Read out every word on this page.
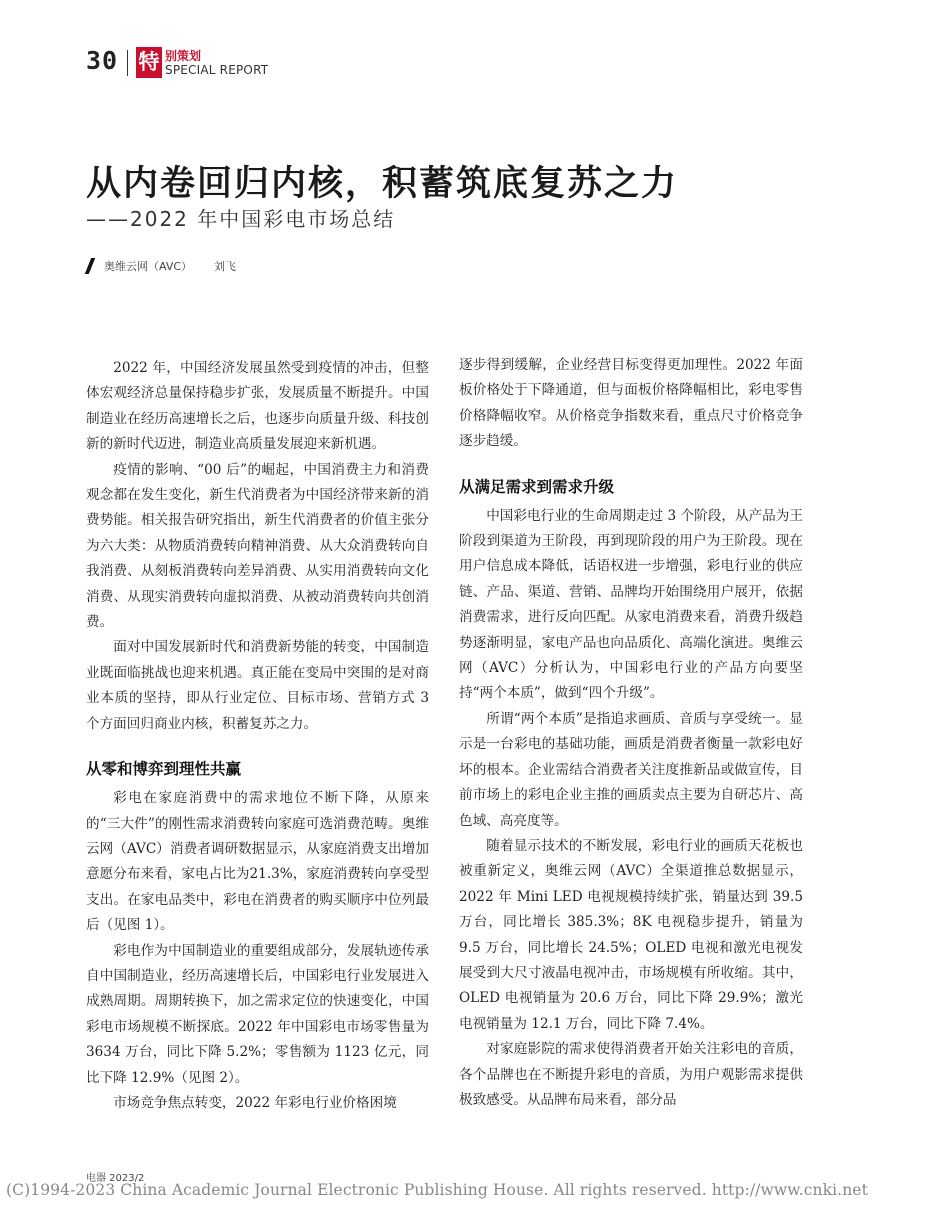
30 特 别策划
SPECIAL REPORT
从内卷回归内核，积蓄筑底复苏之力
——2022 年中国彩电市场总结
奥维云网（AVC） 刘飞

2022 年，中国经济发展虽然受到疫情的冲击，但整体宏观经济总量保持稳步扩张，发展质量不断提升。中国制造业在经历高速增长之后，也逐步向质量升级、科技创新的新时代迈进，制造业高质量发展迎来新机遇。

疫情的影响、“00 后”的崛起，中国消费主力和消费观念都在发生变化，新生代消费者为中国经济带来新的消费势能。相关报告研究指出，新生代消费者的价值主张分为六大类：从物质消费转向精神消费、从大众消费转向自我消费、从刻板消费转向差异消费、从实用消费转向文化消费、从现实消费转向虚拟消费、从被动消费转向共创消费。

面对中国发展新时代和消费新势能的转变，中国制造业既面临挑战也迎来机遇。真正能在变局中突围的是对商业本质的坚持，即从行业定位、目标市场、营销方式 3 个方面回归商业内核，积蓄复苏之力。

从零和博弈到理性共赢

彩电在家庭消费中的需求地位不断下降，从原来的“三大件”的刚性需求消费转向家庭可选消费范畴。奥维云网（AVC）消费者调研数据显示，从家庭消费支出增加意愿分布来看，家电占比为21.3%，家庭消费转向享受型支出。在家电品类中，彩电在消费者的购买顺序中位列最后（见图 1）。

彩电作为中国制造业的重要组成部分，发展轨迹传承自中国制造业，经历高速增长后，中国彩电行业发展进入成熟周期。周期转换下，加之需求定位的快速变化，中国彩电市场规模不断探底。2022 年中国彩电市场零售量为 3634 万台，同比下降 5.2%；零售额为 1123 亿元，同比下降 12.9%（见图 2）。

市场竞争焦点转变，2022 年彩电行业价格困境

逐步得到缓解，企业经营目标变得更加理性。2022 年面板价格处于下降通道，但与面板价格降幅相比，彩电零售价格降幅收窄。从价格竞争指数来看，重点尺寸价格竞争逐步趋缓。

从满足需求到需求升级

中国彩电行业的生命周期走过 3 个阶段，从产品为王阶段到渠道为王阶段，再到现阶段的用户为王阶段。现在用户信息成本降低，话语权进一步增强，彩电行业的供应链、产品、渠道、营销、品牌均开始围绕用户展开，依据消费需求，进行反向匹配。从家电消费来看，消费升级趋势逐渐明显，家电产品也向品质化、高端化演进。奥维云网（AVC）分析认为，中国彩电行业的产品方向要坚持“两个本质”，做到“四个升级”。

所谓“两个本质”是指追求画质、音质与享受统一。显示是一台彩电的基础功能，画质是消费者衡量一款彩电好坏的根本。企业需结合消费者关注度推新品或做宣传，目前市场上的彩电企业主推的画质卖点主要为自研芯片、高色域、高亮度等。

随着显示技术的不断发展，彩电行业的画质天花板也被重新定义，奥维云网（AVC）全渠道推总数据显示，2022 年 Mini LED 电视规模持续扩张，销量达到 39.5 万台，同比增长 385.3%；8K 电视稳步提升，销量为 9.5 万台，同比增长 24.5%；OLED 电视和激光电视发展受到大尺寸液晶电视冲击，市场规模有所收缩。其中，OLED 电视销量为 20.6 万台，同比下降 29.9%；激光电视销量为 12.1 万台，同比下降 7.4%。

对家庭影院的需求使得消费者开始关注彩电的音质，各个品牌也在不断提升彩电的音质，为用户观影需求提供极致感受。从品牌布局来看，部分品

电器 2023/2
(C)1994-2023 China Academic Journal Electronic Publishing House. All rights reserved. http://www.cnki.net
